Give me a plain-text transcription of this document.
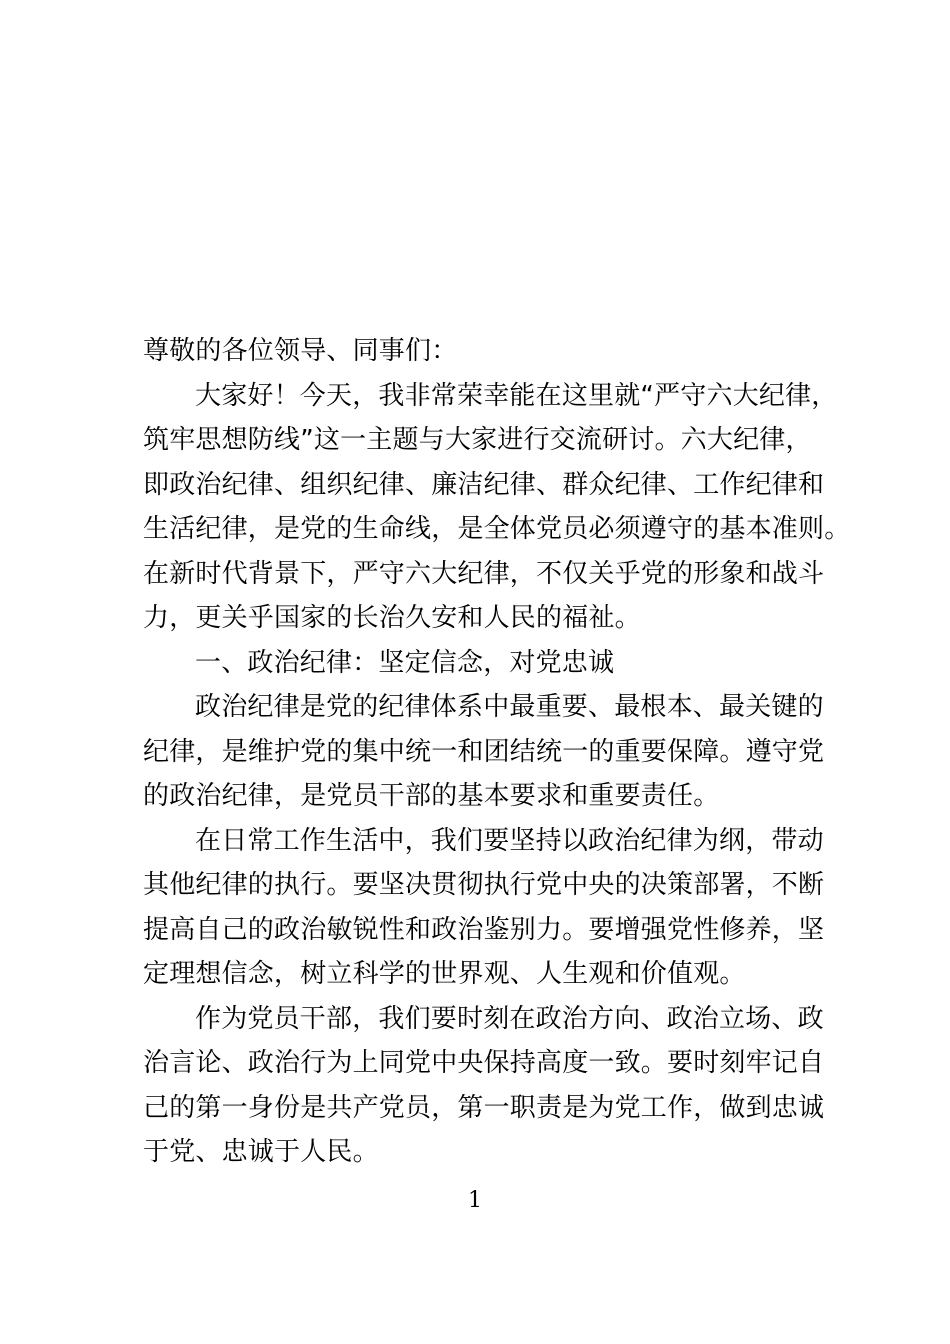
尊敬的各位领导、同事们：
大家好！今天，我非常荣幸能在这里就“严守六大纪律，
筑牢思想防线”这一主题与大家进行交流研讨。六大纪律，
即政治纪律、组织纪律、廉洁纪律、群众纪律、工作纪律和
生活纪律，是党的生命线，是全体党员必须遵守的基本准则。
在新时代背景下，严守六大纪律，不仅关乎党的形象和战斗
力，更关乎国家的长治久安和人民的福祉。
一、政治纪律：坚定信念，对党忠诚
政治纪律是党的纪律体系中最重要、最根本、最关键的
纪律，是维护党的集中统一和团结统一的重要保障。遵守党
的政治纪律，是党员干部的基本要求和重要责任。
在日常工作生活中，我们要坚持以政治纪律为纲，带动
其他纪律的执行。要坚决贯彻执行党中央的决策部署，不断
提高自己的政治敏锐性和政治鉴别力。要增强党性修养，坚
定理想信念，树立科学的世界观、人生观和价值观。
作为党员干部，我们要时刻在政治方向、政治立场、政
治言论、政治行为上同党中央保持高度一致。要时刻牢记自
己的第一身份是共产党员，第一职责是为党工作，做到忠诚
于党、忠诚于人民。
1
